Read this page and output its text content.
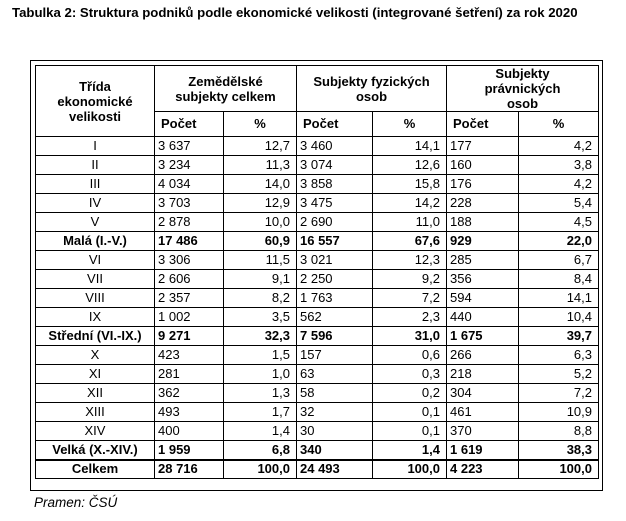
Tabulka 2: Struktura podniků podle ekonomické velikosti (integrované šetření) za rok 2020
Třída ekonomické velikosti	Zemědělské subjekty celkem		Subjekty fyzických osob		Subjekty právnických osob	
	Počet	%	Počet	%	Počet	%
I	3 637	12,7	3 460	14,1	177	4,2
II	3 234	11,3	3 074	12,6	160	3,8
III	4 034	14,0	3 858	15,8	176	4,2
IV	3 703	12,9	3 475	14,2	228	5,4
V	2 878	10,0	2 690	11,0	188	4,5
Malá (I.-V.)	17 486	60,9	16 557	67,6	929	22,0
VI	3 306	11,5	3 021	12,3	285	6,7
VII	2 606	9,1	2 250	9,2	356	8,4
VIII	2 357	8,2	1 763	7,2	594	14,1
IX	1 002	3,5	562	2,3	440	10,4
Střední (VI.-IX.)	9 271	32,3	7 596	31,0	1 675	39,7
X	423	1,5	157	0,6	266	6,3
XI	281	1,0	63	0,3	218	5,2
XII	362	1,3	58	0,2	304	7,2
XIII	493	1,7	32	0,1	461	10,9
XIV	400	1,4	30	0,1	370	8,8
Velká (X.-XIV.)	1 959	6,8	340	1,4	1 619	38,3
Celkem	28 716	100,0	24 493	100,0	4 223	100,0
Pramen: ČSÚ
